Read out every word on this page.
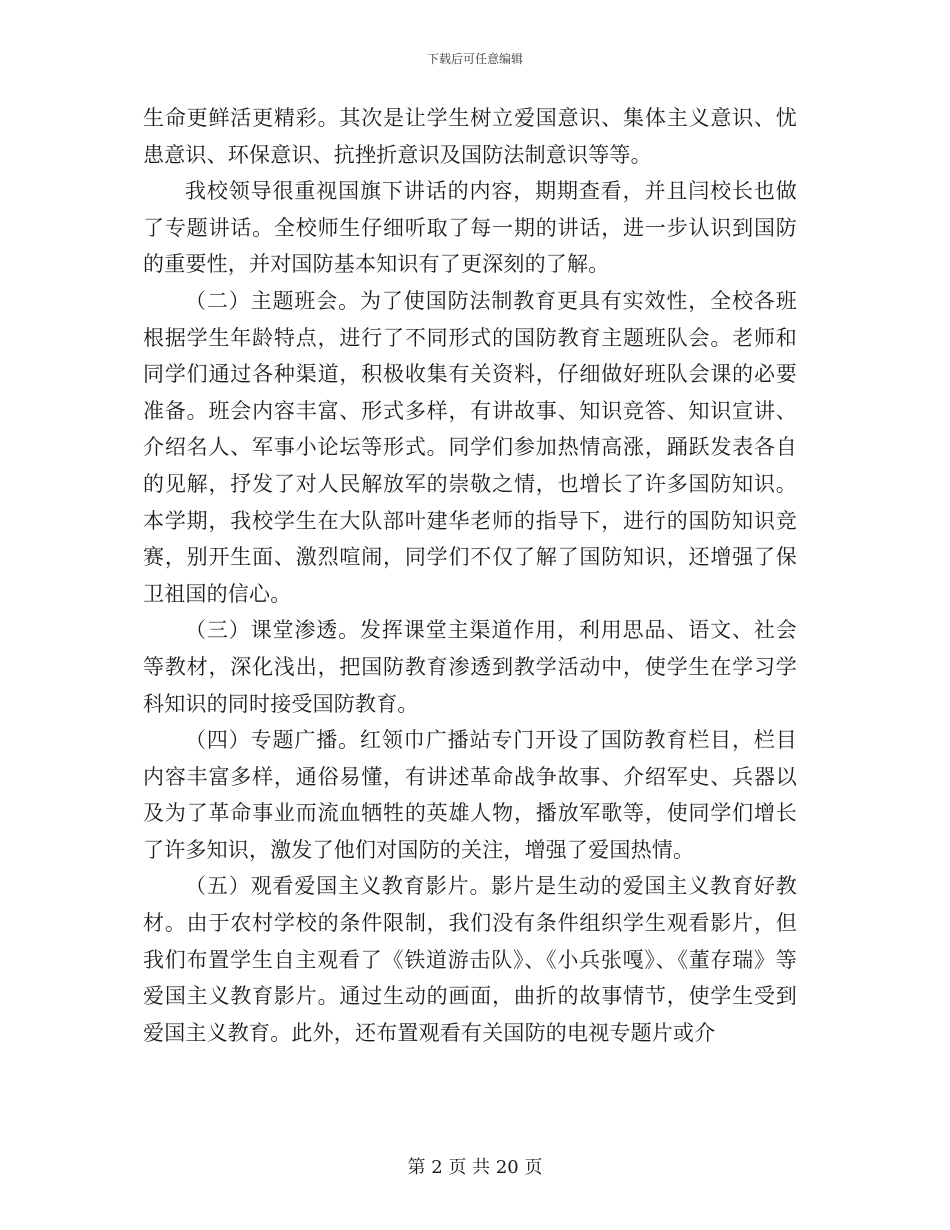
下载后可任意编辑

生命更鲜活更精彩。其次是让学生树立爱国意识、集体主义意识、忧患意识、环保意识、抗挫折意识及国防法制意识等等。

我校领导很重视国旗下讲话的内容，期期查看，并且闫校长也做了专题讲话。全校师生仔细听取了每一期的讲话，进一步认识到国防的重要性，并对国防基本知识有了更深刻的了解。

（二）主题班会。为了使国防法制教育更具有实效性，全校各班根据学生年龄特点，进行了不同形式的国防教育主题班队会。老师和同学们通过各种渠道，积极收集有关资料，仔细做好班队会课的必要准备。班会内容丰富、形式多样，有讲故事、知识竞答、知识宣讲、介绍名人、军事小论坛等形式。同学们参加热情高涨，踊跃发表各自的见解，抒发了对人民解放军的崇敬之情，也增长了许多国防知识。本学期，我校学生在大队部叶建华老师的指导下，进行的国防知识竞赛，别开生面、激烈喧闹，同学们不仅了解了国防知识，还增强了保卫祖国的信心。

（三）课堂渗透。发挥课堂主渠道作用，利用思品、语文、社会等教材，深化浅出，把国防教育渗透到教学活动中，使学生在学习学科知识的同时接受国防教育。

（四）专题广播。红领巾广播站专门开设了国防教育栏目，栏目内容丰富多样，通俗易懂，有讲述革命战争故事、介绍军史、兵器以及为了革命事业而流血牺牲的英雄人物，播放军歌等，使同学们增长了许多知识，激发了他们对国防的关注，增强了爱国热情。

（五）观看爱国主义教育影片。影片是生动的爱国主义教育好教材。由于农村学校的条件限制，我们没有条件组织学生观看影片，但我们布置学生自主观看了《铁道游击队》、《小兵张嘎》、《董存瑞》等爱国主义教育影片。通过生动的画面，曲折的故事情节，使学生受到爱国主义教育。此外，还布置观看有关国防的电视专题片或介

第 2 页 共 20 页
